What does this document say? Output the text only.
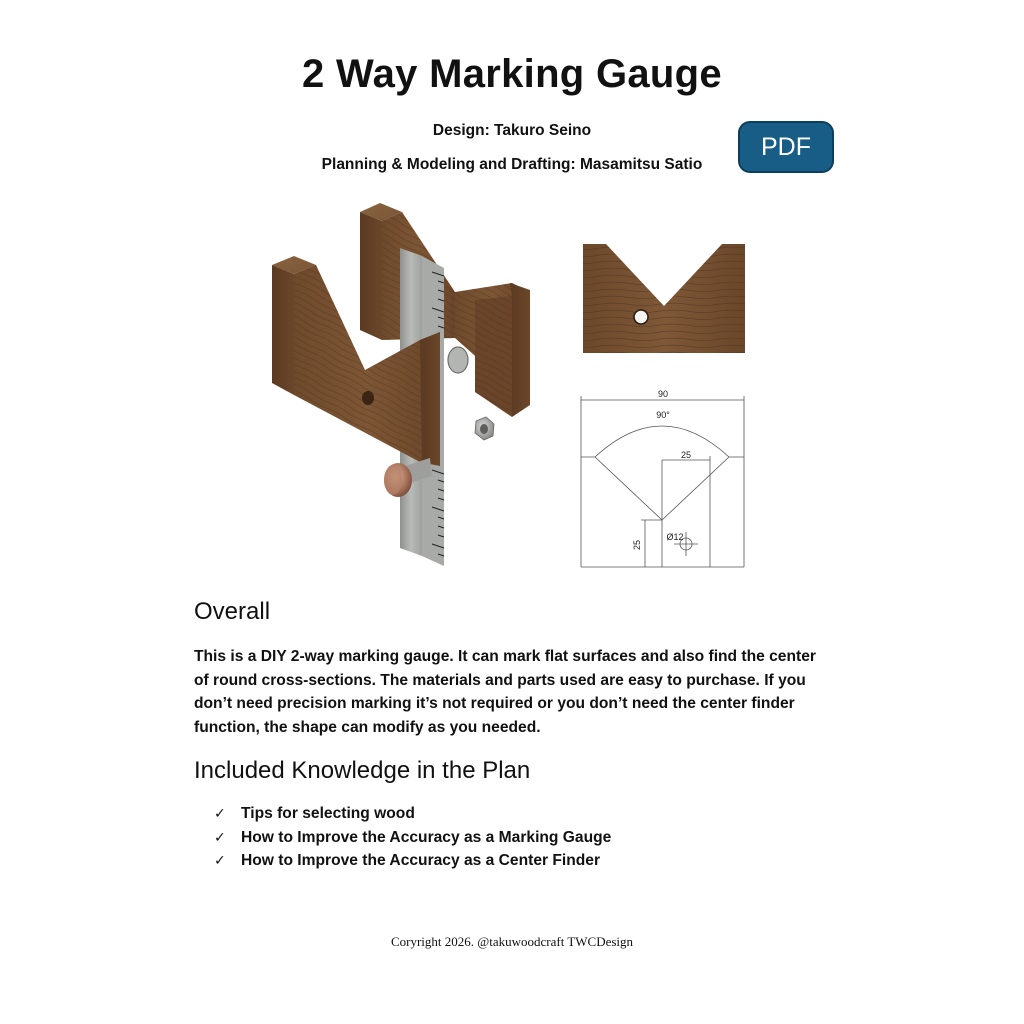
2 Way Marking Gauge
Design: Takuro Seino
Planning & Modeling and Drafting: Masamitsu Satio
PDF
90
90°
25
25
Ø12
Overall

This is a DIY 2-way marking gauge. It can mark flat surfaces and also find the center of round cross-sections. The materials and parts used are easy to purchase. If you don’t need precision marking it’s not required or you don’t need the center finder function, the shape can modify as you needed.

Included Knowledge in the Plan
✓ Tips for selecting wood
✓ How to Improve the Accuracy as a Marking Gauge
✓ How to Improve the Accuracy as a Center Finder
Coryright 2026. @takuwoodcraft TWCDesign
